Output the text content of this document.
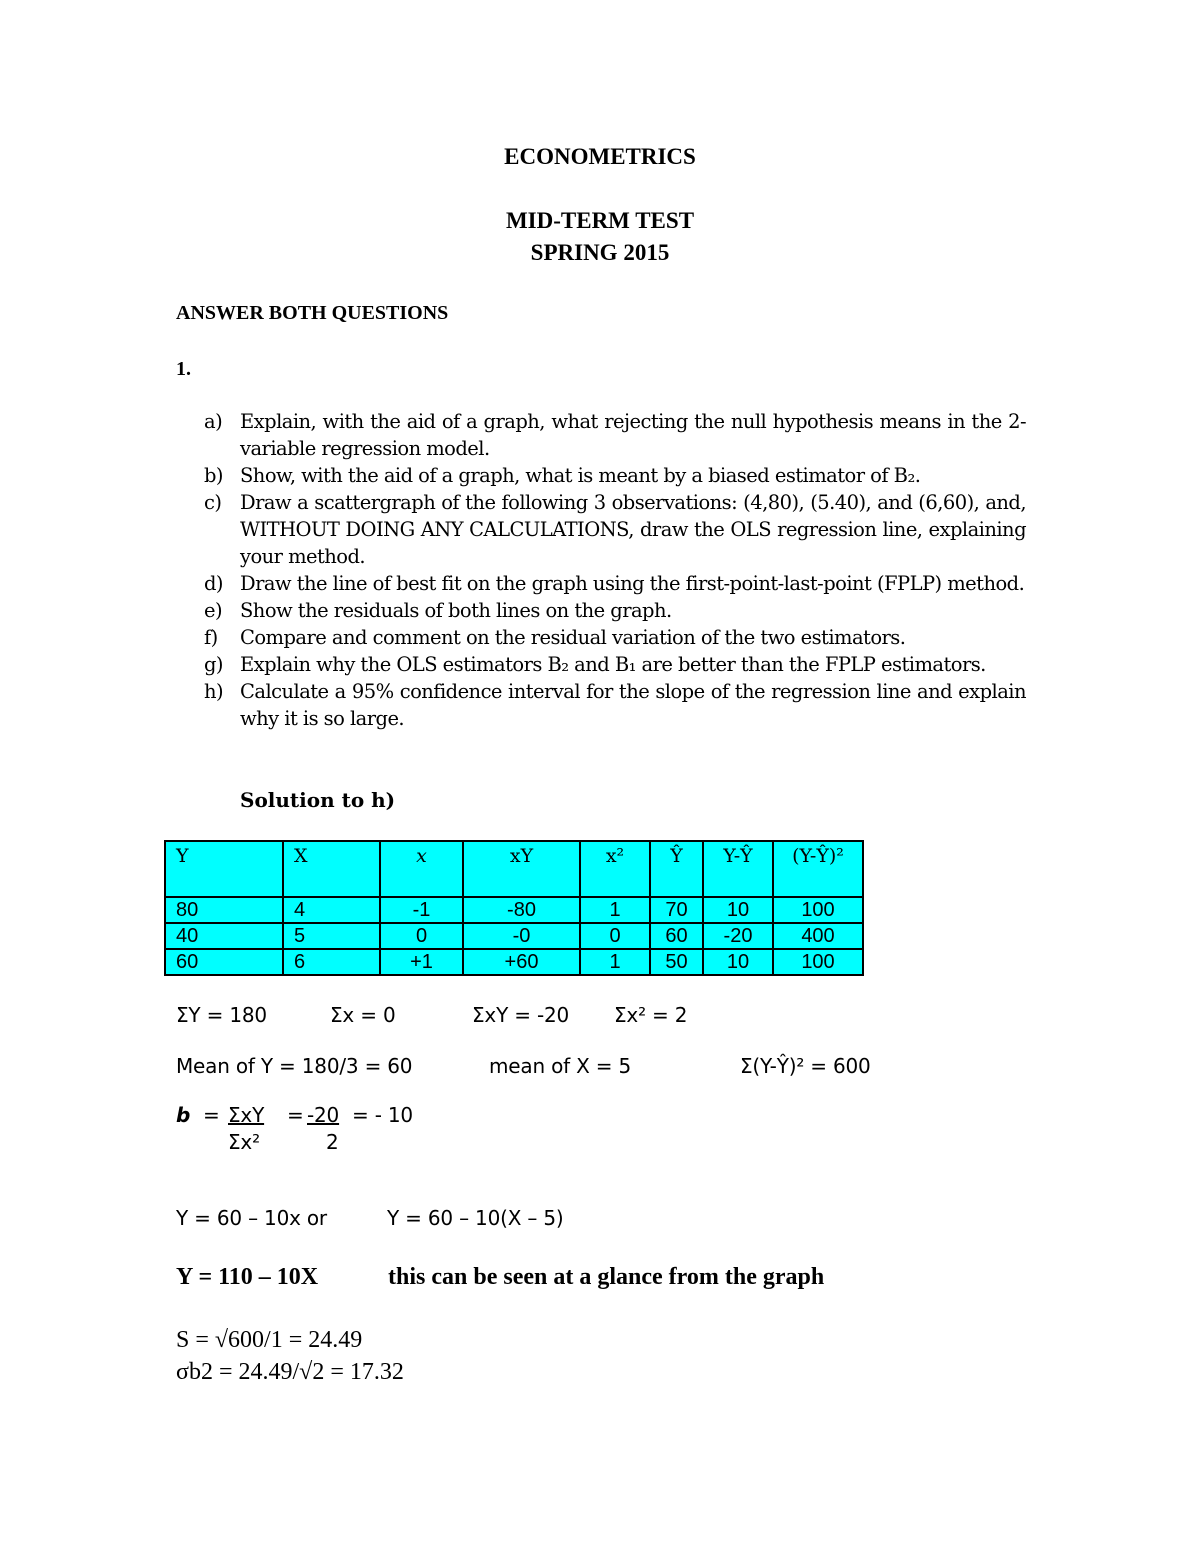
ECONOMETRICS
MID-TERM TEST
SPRING 2015
ANSWER BOTH QUESTIONS
1.
a) Explain, with the aid of a graph, what rejecting the null hypothesis means in the 2-variable regression model.
b) Show, with the aid of a graph, what is meant by a biased estimator of B₂.
c) Draw a scattergraph of the following 3 observations: (4,80), (5.40), and (6,60), and, WITHOUT DOING ANY CALCULATIONS, draw the OLS regression line, explaining your method.
d) Draw the line of best fit on the graph using the first-point-last-point (FPLP) method.
e) Show the residuals of both lines on the graph.
f) Compare and comment on the residual variation of the two estimators.
g) Explain why the OLS estimators B₂ and B₁ are better than the FPLP estimators.
h) Calculate a 95% confidence interval for the slope of the regression line and explain why it is so large.
Solution to h)
Y	X	x	xY	x²	Ŷ	Y-Ŷ	(Y-Ŷ)²
80	4	-1	-80	1	70	10	100
40	5	0	-0	0	60	-20	400
60	6	+1	+60	1	50	10	100
ΣY = 180	Σx = 0	ΣxY = -20 Σx² = 2
Mean of Y = 180/3 = 60	mean of X = 5	Σ(Y-Ŷ)² = 600
b = ΣxY
Σx²
= -20
2
= - 10
Y = 60 – 10x or	Y = 60 – 10(X – 5)
Y = 110 – 10X	this can be seen at a glance from the graph
S = √600/1 = 24.49
σb2 = 24.49/√2 = 17.32
